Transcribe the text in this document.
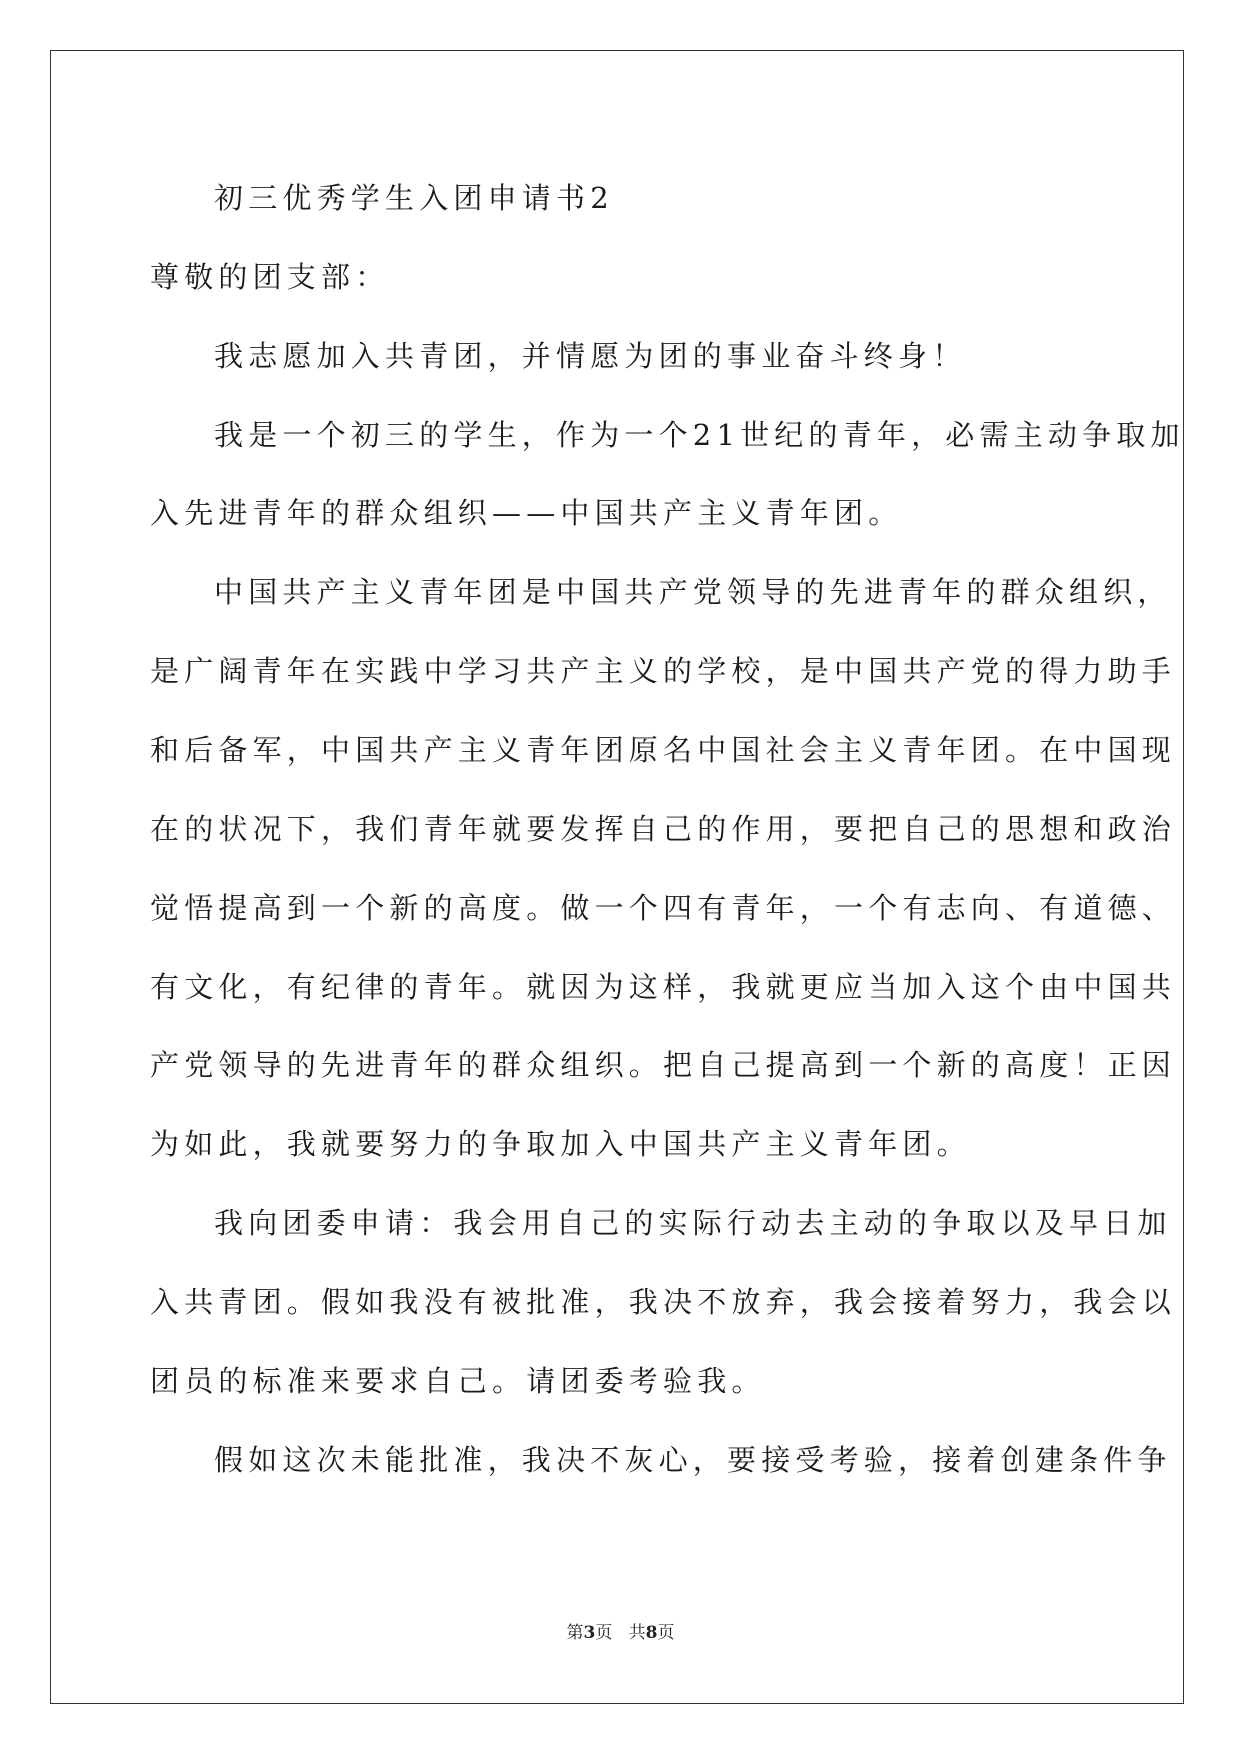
初三优秀学生入团申请书2
尊敬的团支部：
我志愿加入共青团，并情愿为团的事业奋斗终身！
我是一个初三的学生，作为一个21世纪的青年，必需主动争取加
入先进青年的群众组织——中国共产主义青年团。
中国共产主义青年团是中国共产党领导的先进青年的群众组织，
是广阔青年在实践中学习共产主义的学校，是中国共产党的得力助手
和后备军，中国共产主义青年团原名中国社会主义青年团。在中国现
在的状况下，我们青年就要发挥自己的作用，要把自己的思想和政治
觉悟提高到一个新的高度。做一个四有青年，一个有志向、有道德、
有文化，有纪律的青年。就因为这样，我就更应当加入这个由中国共
产党领导的先进青年的群众组织。把自己提高到一个新的高度！正因
为如此，我就要努力的争取加入中国共产主义青年团。
我向团委申请：我会用自己的实际行动去主动的争取以及早日加
入共青团。假如我没有被批准，我决不放弃，我会接着努力，我会以
团员的标准来要求自己。请团委考验我。
假如这次未能批准，我决不灰心，要接受考验，接着创建条件争
第3页 共8页
